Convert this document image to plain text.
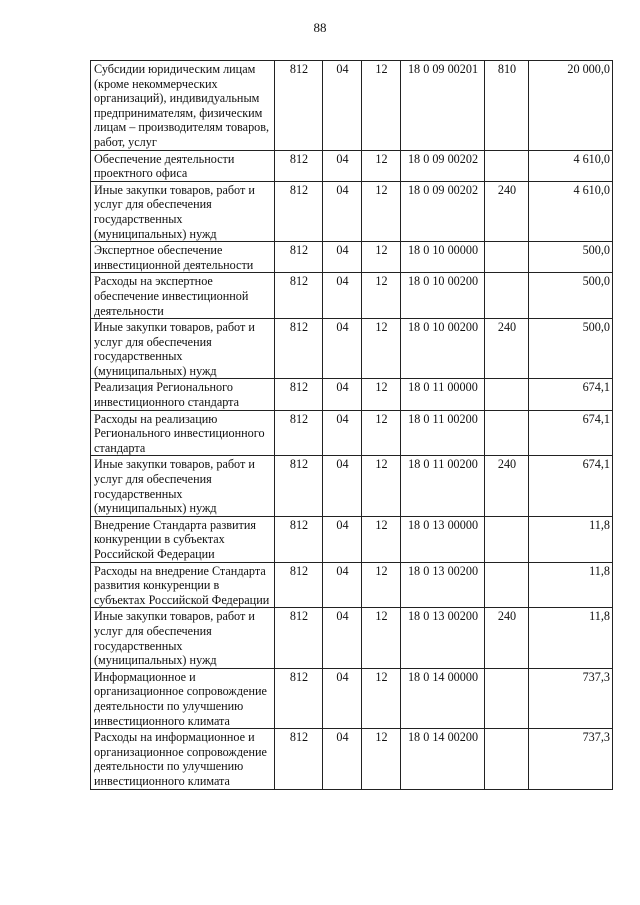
88
Субсидии юридическим лицам (кроме некоммерческих организаций), индивидуальным предпринимателям, физическим лицам – производителям товаров, работ, услуг	812	04	12	18 0 09 00201	810	20 000,0
Обеспечение деятельности проектного офиса	812	04	12	18 0 09 00202		4 610,0
Иные закупки товаров, работ и услуг для обеспечения государственных (муниципальных) нужд	812	04	12	18 0 09 00202	240	4 610,0
Экспертное обеспечение инвестиционной деятельности	812	04	12	18 0 10 00000		500,0
Расходы на экспертное обеспечение инвестиционной деятельности	812	04	12	18 0 10 00200		500,0
Иные закупки товаров, работ и услуг для обеспечения государственных (муниципальных) нужд	812	04	12	18 0 10 00200	240	500,0
Реализация Регионального инвестиционного стандарта	812	04	12	18 0 11 00000		674,1
Расходы на реализацию Регионального инвестиционного стандарта	812	04	12	18 0 11 00200		674,1
Иные закупки товаров, работ и услуг для обеспечения государственных (муниципальных) нужд	812	04	12	18 0 11 00200	240	674,1
Внедрение Стандарта развития конкуренции в субъектах Российской Федерации	812	04	12	18 0 13 00000		11,8
Расходы на внедрение Стандарта развития конкуренции в субъектах Российской Федерации	812	04	12	18 0 13 00200		11,8
Иные закупки товаров, работ и услуг для обеспечения государственных (муниципальных) нужд	812	04	12	18 0 13 00200	240	11,8
Информационное и организационное сопровождение деятельности по улучшению инвестиционного климата	812	04	12	18 0 14 00000		737,3
Расходы на информационное и организационное сопровождение деятельности по улучшению инвестиционного климата	812	04	12	18 0 14 00200		737,3
